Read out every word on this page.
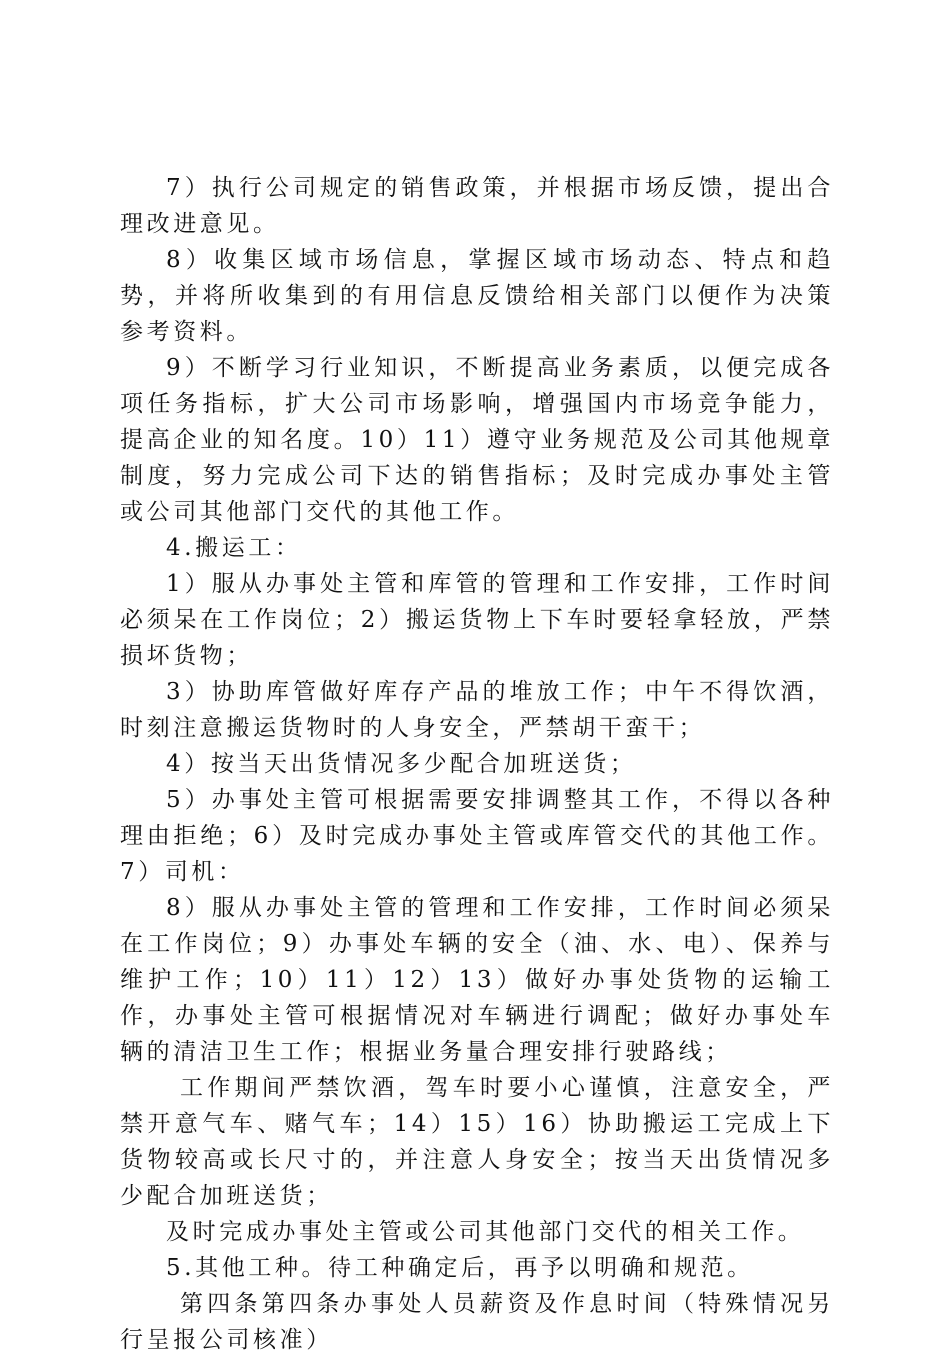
7）执行公司规定的销售政策，并根据市场反馈，提出合理改进意见。

8）收集区域市场信息，掌握区域市场动态、特点和趋势，并将所收集到的有用信息反馈给相关部门以便作为决策参考资料。

9）不断学习行业知识，不断提高业务素质，以便完成各项任务指标，扩大公司市场影响，增强国内市场竞争能力，提高企业的知名度。10）11）遵守业务规范及公司其他规章制度，努力完成公司下达的销售指标；及时完成办事处主管或公司其他部门交代的其他工作。

4.搬运工：

1）服从办事处主管和库管的管理和工作安排，工作时间必须呆在工作岗位；2）搬运货物上下车时要轻拿轻放，严禁损坏货物；

3）协助库管做好库存产品的堆放工作；中午不得饮酒，时刻注意搬运货物时的人身安全，严禁胡干蛮干；

4）按当天出货情况多少配合加班送货；

5）办事处主管可根据需要安排调整其工作，不得以各种理由拒绝；6）及时完成办事处主管或库管交代的其他工作。7）司机：

8）服从办事处主管的管理和工作安排，工作时间必须呆在工作岗位；9）办事处车辆的安全（油、水、电）、保养与维护工作；10）11）12）13）做好办事处货物的运输工作，办事处主管可根据情况对车辆进行调配；做好办事处车辆的清洁卫生工作；根据业务量合理安排行驶路线；

工作期间严禁饮酒，驾车时要小心谨慎，注意安全，严禁开意气车、赌气车；14）15）16）协助搬运工完成上下货物较高或长尺寸的，并注意人身安全；按当天出货情况多少配合加班送货；

及时完成办事处主管或公司其他部门交代的相关工作。

5.其他工种。待工种确定后，再予以明确和规范。

第四条第四条办事处人员薪资及作息时间（特殊情况另行呈报公司核准）
